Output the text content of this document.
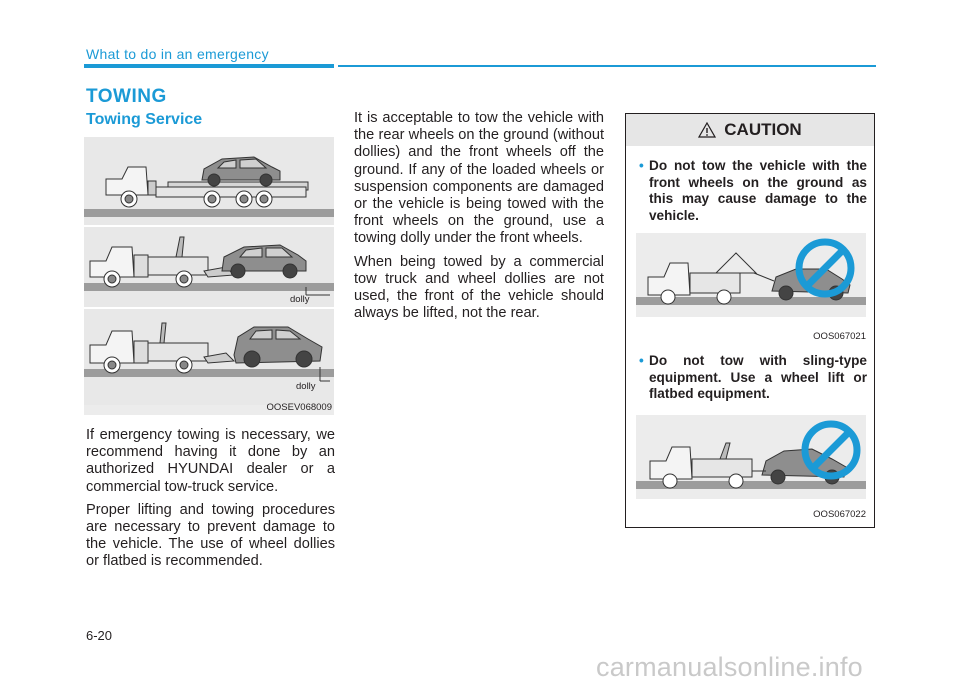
What to do in an emergency
TOWING
Towing Service
dolly
dolly
OOSEV068009

If emergency towing is necessary, we recommend having it done by an authorized HYUNDAI dealer or a commercial tow-truck service.

Proper lifting and towing procedures are necessary to prevent damage to the vehicle. The use of wheel dollies or flatbed is recommended.

It is acceptable to tow the vehicle with the rear wheels on the ground (without dollies) and the front wheels off the ground. If any of the loaded wheels or suspension components are damaged or the vehicle is being towed with the front wheels on the ground, use a towing dolly under the front wheels.

When being towed by a commercial tow truck and wheel dollies are not used, the front of the vehicle should always be lifted, not the rear.

CAUTION
• Do not tow the vehicle with the front wheels on the ground as this may cause damage to the vehicle.
OOS067021
• Do not tow with sling-type equipment. Use a wheel lift or flatbed equipment.
OOS067022
6-20
carmanualsonline.info
